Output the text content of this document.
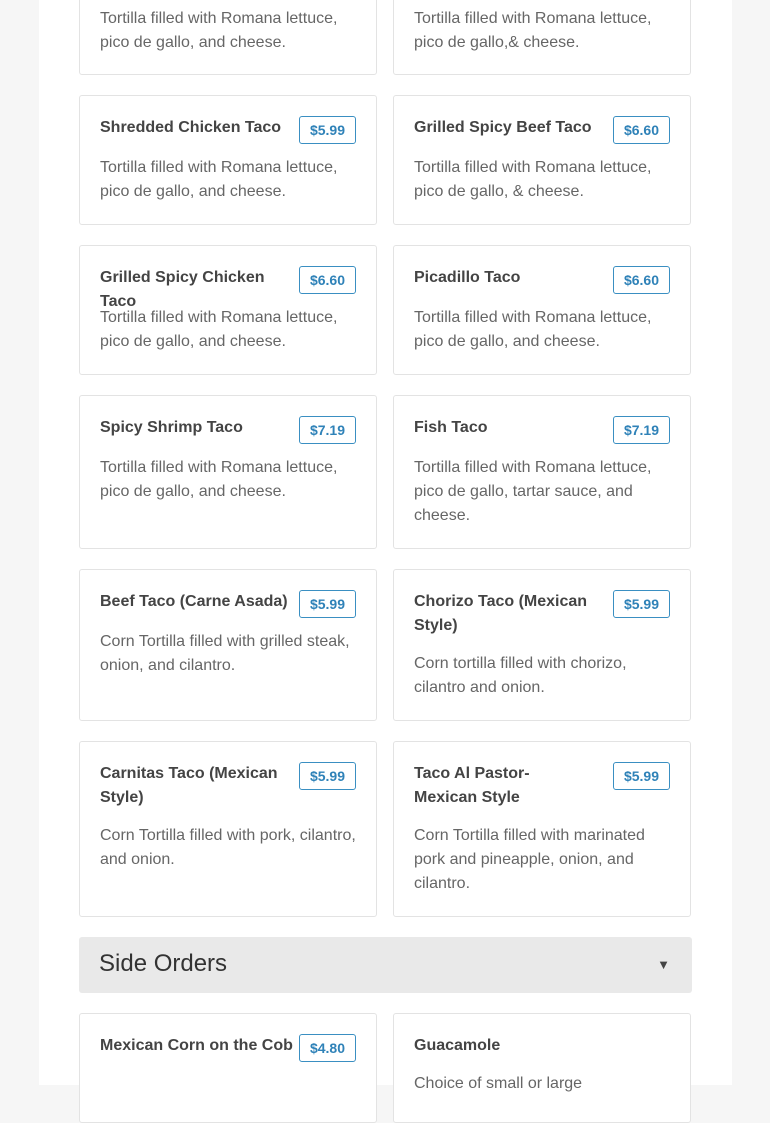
Tortilla filled with Romana lettuce, pico de gallo, and cheese.
Tortilla filled with Romana lettuce, pico de gallo,& cheese.
Shredded Chicken Taco	$5.99
Tortilla filled with Romana lettuce, pico de gallo, and cheese.
Grilled Spicy Beef Taco	$6.60
Tortilla filled with Romana lettuce, pico de gallo, & cheese.
Grilled Spicy Chicken Taco
$6.60
Tortilla filled with Romana lettuce, pico de gallo, and cheese.
Picadillo Taco	$6.60
Tortilla filled with Romana lettuce, pico de gallo, and cheese.
Spicy Shrimp Taco	$7.19
Tortilla filled with Romana lettuce, pico de gallo, and cheese.
Fish Taco	$7.19
Tortilla filled with Romana lettuce, pico de gallo, tartar sauce, and cheese.
Beef Taco (Carne Asada)	$5.99
Corn Tortilla filled with grilled steak, onion, and cilantro.
Chorizo Taco (Mexican Style)
$5.99
Corn tortilla filled with chorizo, cilantro and onion.
Carnitas Taco (Mexican Style)
$5.99
Corn Tortilla filled with pork, cilantro, and onion.
Taco Al Pastor- Mexican Style
$5.99
Corn Tortilla filled with marinated pork and pineapple, onion, and cilantro.
Side Orders	▼
Mexican Corn on the Cob	$4.80	Guacamole
Choice of small or large
